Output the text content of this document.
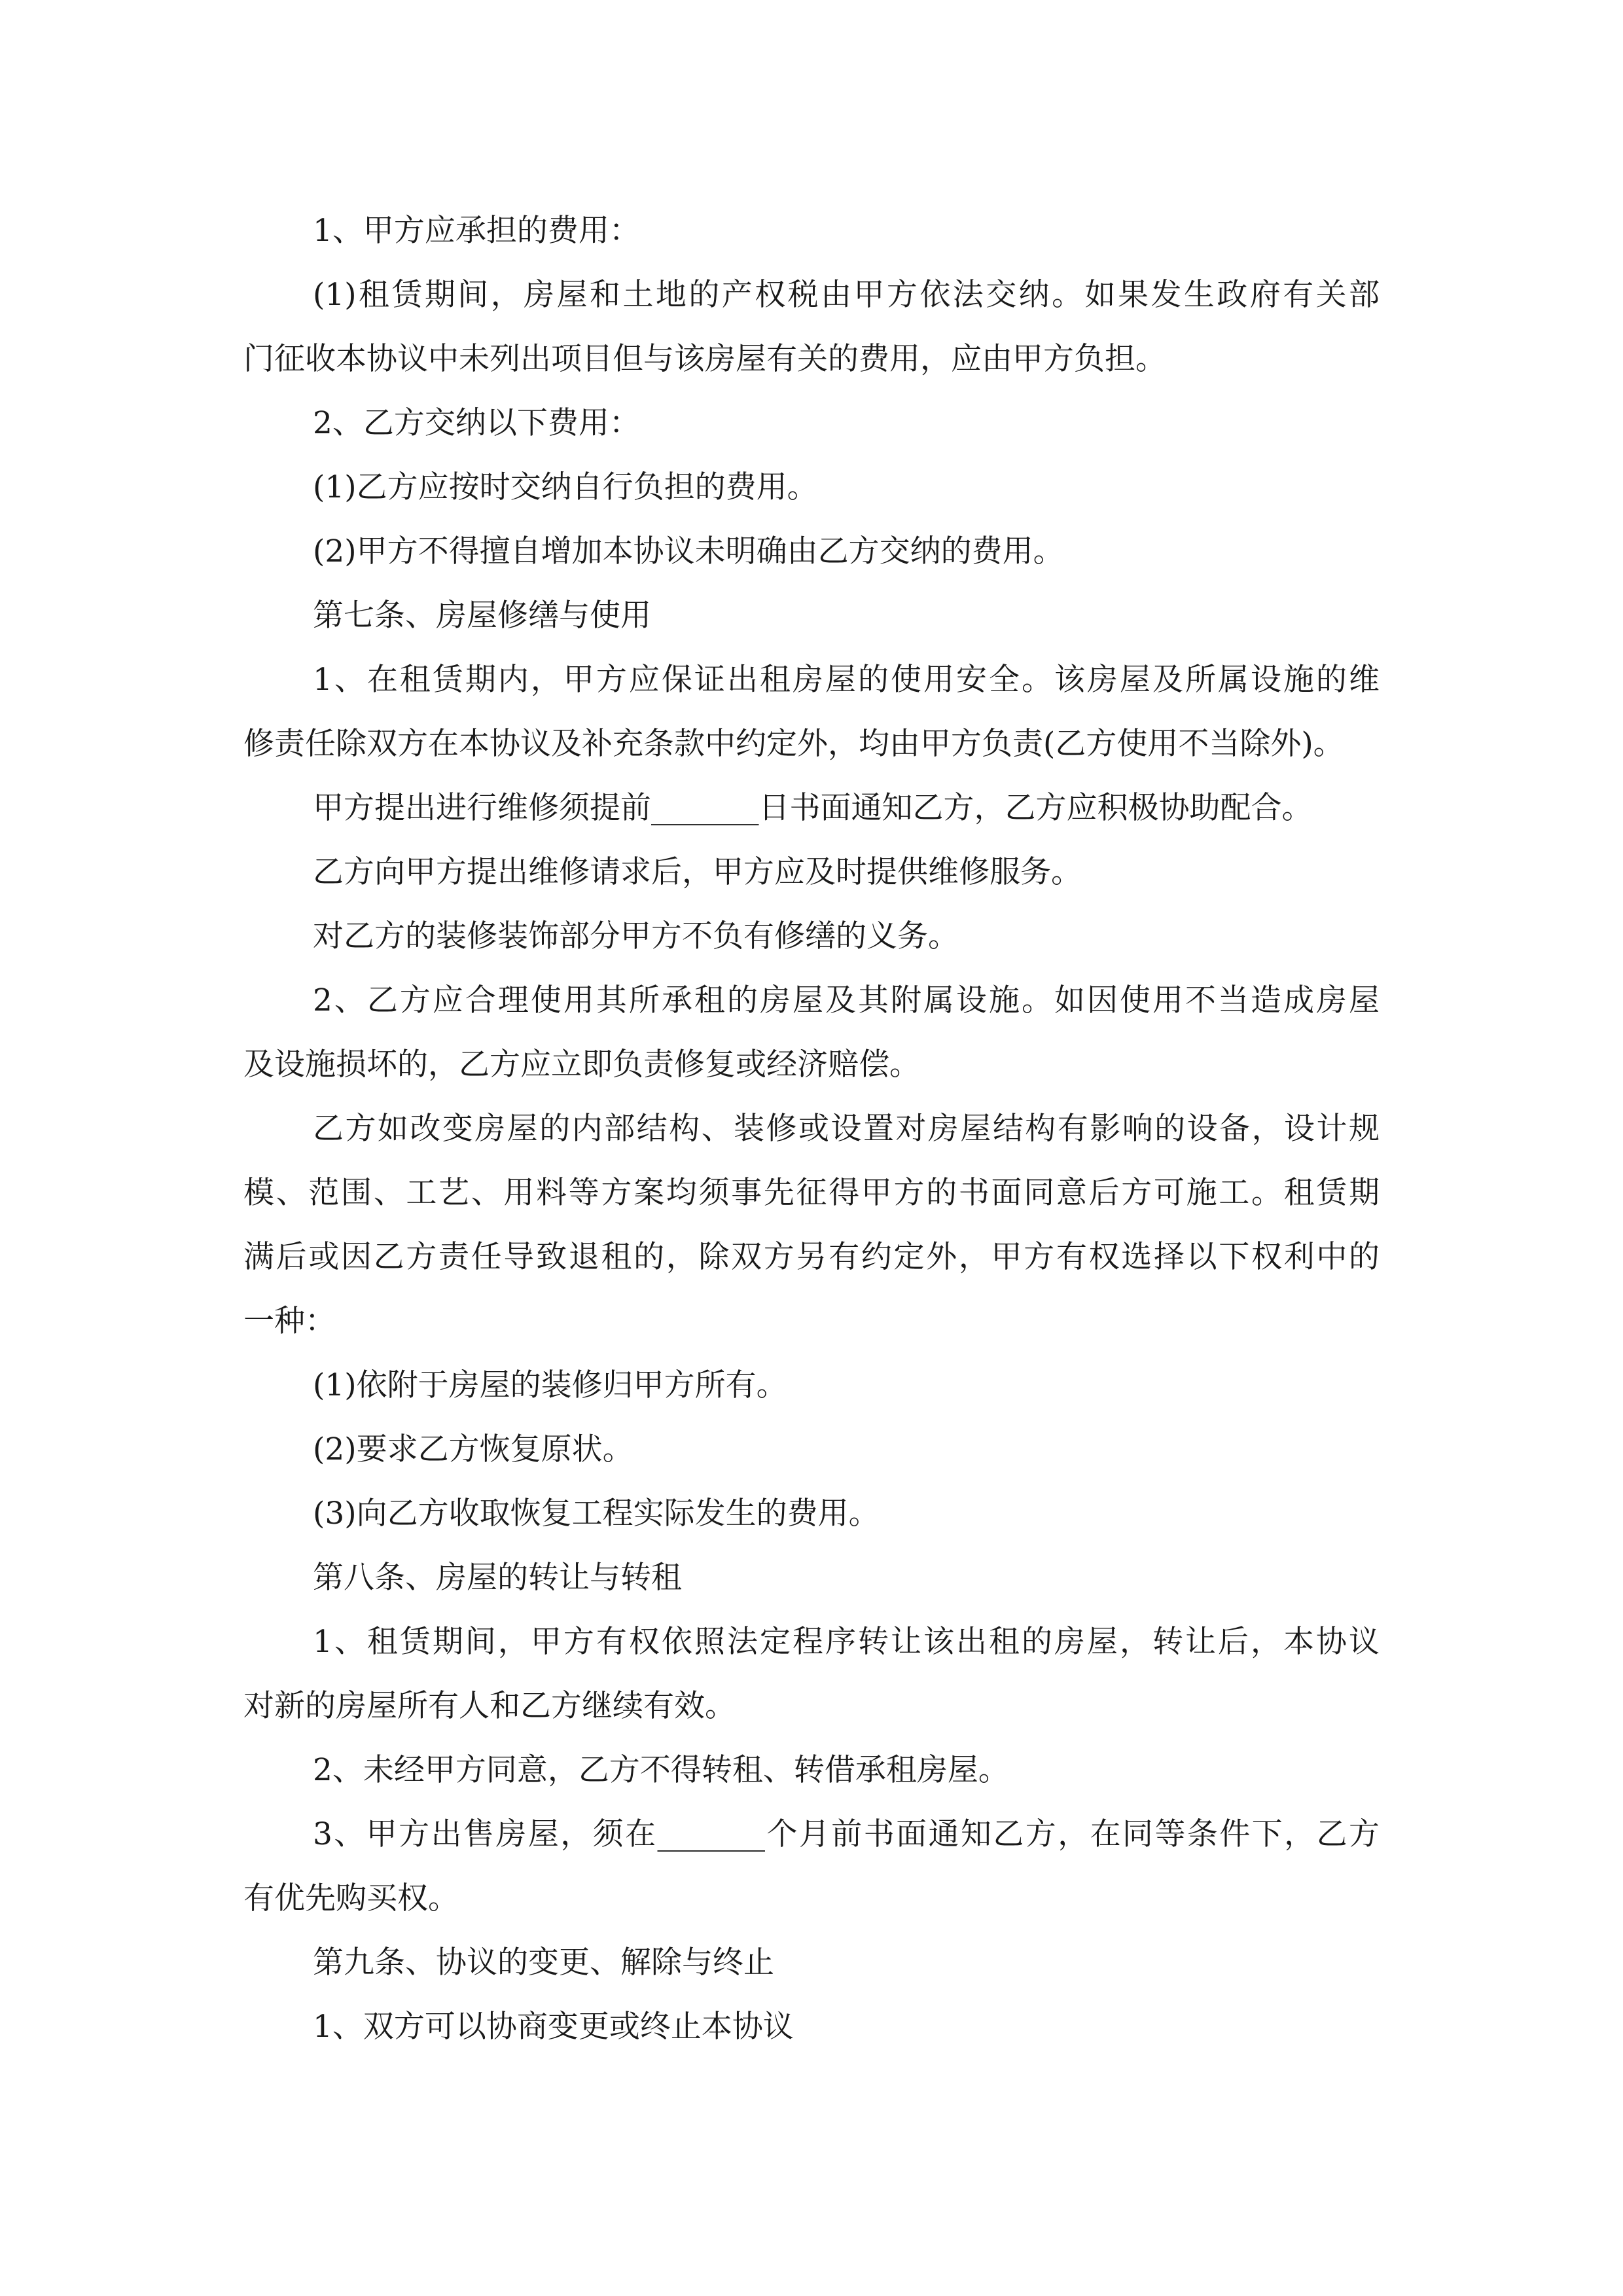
1、甲方应承担的费用：
(1)租赁期间，房屋和土地的产权税由甲方依法交纳。如果发生政府有关部
门征收本协议中未列出项目但与该房屋有关的费用，应由甲方负担。
2、乙方交纳以下费用：
(1)乙方应按时交纳自行负担的费用。
(2)甲方不得擅自增加本协议未明确由乙方交纳的费用。
第七条、房屋修缮与使用
1、在租赁期内，甲方应保证出租房屋的使用安全。该房屋及所属设施的维
修责任除双方在本协议及补充条款中约定外，均由甲方负责(乙方使用不当除外)。
甲方提出进行维修须提前_______日书面通知乙方，乙方应积极协助配合。
乙方向甲方提出维修请求后，甲方应及时提供维修服务。
对乙方的装修装饰部分甲方不负有修缮的义务。
2、乙方应合理使用其所承租的房屋及其附属设施。如因使用不当造成房屋
及设施损坏的，乙方应立即负责修复或经济赔偿。
乙方如改变房屋的内部结构、装修或设置对房屋结构有影响的设备，设计规
模、范围、工艺、用料等方案均须事先征得甲方的书面同意后方可施工。租赁期
满后或因乙方责任导致退租的，除双方另有约定外，甲方有权选择以下权利中的
一种：
(1)依附于房屋的装修归甲方所有。
(2)要求乙方恢复原状。
(3)向乙方收取恢复工程实际发生的费用。
第八条、房屋的转让与转租
1、租赁期间，甲方有权依照法定程序转让该出租的房屋，转让后，本协议
对新的房屋所有人和乙方继续有效。
2、未经甲方同意，乙方不得转租、转借承租房屋。
3、甲方出售房屋，须在_______个月前书面通知乙方，在同等条件下，乙方
有优先购买权。
第九条、协议的变更、解除与终止
1、双方可以协商变更或终止本协议
